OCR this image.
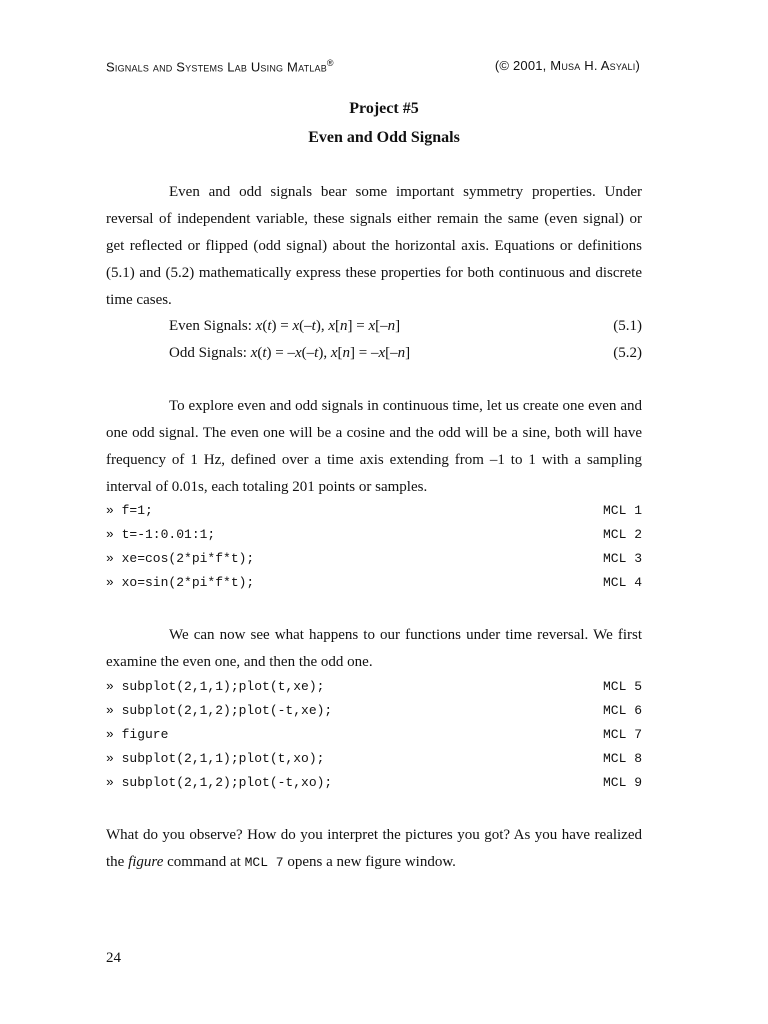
Signals and Systems Lab Using Matlab®	(© 2001, Musa H. Asyali)
Project #5
Even and Odd Signals
Even and odd signals bear some important symmetry properties. Under reversal of independent variable, these signals either remain the same (even signal) or get reflected or flipped (odd signal) about the horizontal axis. Equations or definitions (5.1) and (5.2) mathematically express these properties for both continuous and discrete time cases.
Even Signals: x(t) = x(–t), x[n] = x[–n]	(5.1)
Odd Signals: x(t) = –x(–t), x[n] = –x[–n]	(5.2)
To explore even and odd signals in continuous time, let us create one even and one odd signal. The even one will be a cosine and the odd will be a sine, both will have frequency of 1 Hz, defined over a time axis extending from –1 to 1 with a sampling interval of 0.01s, each totaling 201 points or samples.
» f=1;	MCL 1
» t=-1:0.01:1;	MCL 2
» xe=cos(2*pi*f*t);	MCL 3
» xo=sin(2*pi*f*t);	MCL 4
We can now see what happens to our functions under time reversal. We first examine the even one, and then the odd one.
» subplot(2,1,1);plot(t,xe);	MCL 5
» subplot(2,1,2);plot(-t,xe);	MCL 6
» figure	MCL 7
» subplot(2,1,1);plot(t,xo);	MCL 8
» subplot(2,1,2);plot(-t,xo);	MCL 9
What do you observe? How do you interpret the pictures you got? As you have realized the figure command at MCL 7 opens a new figure window.
24
